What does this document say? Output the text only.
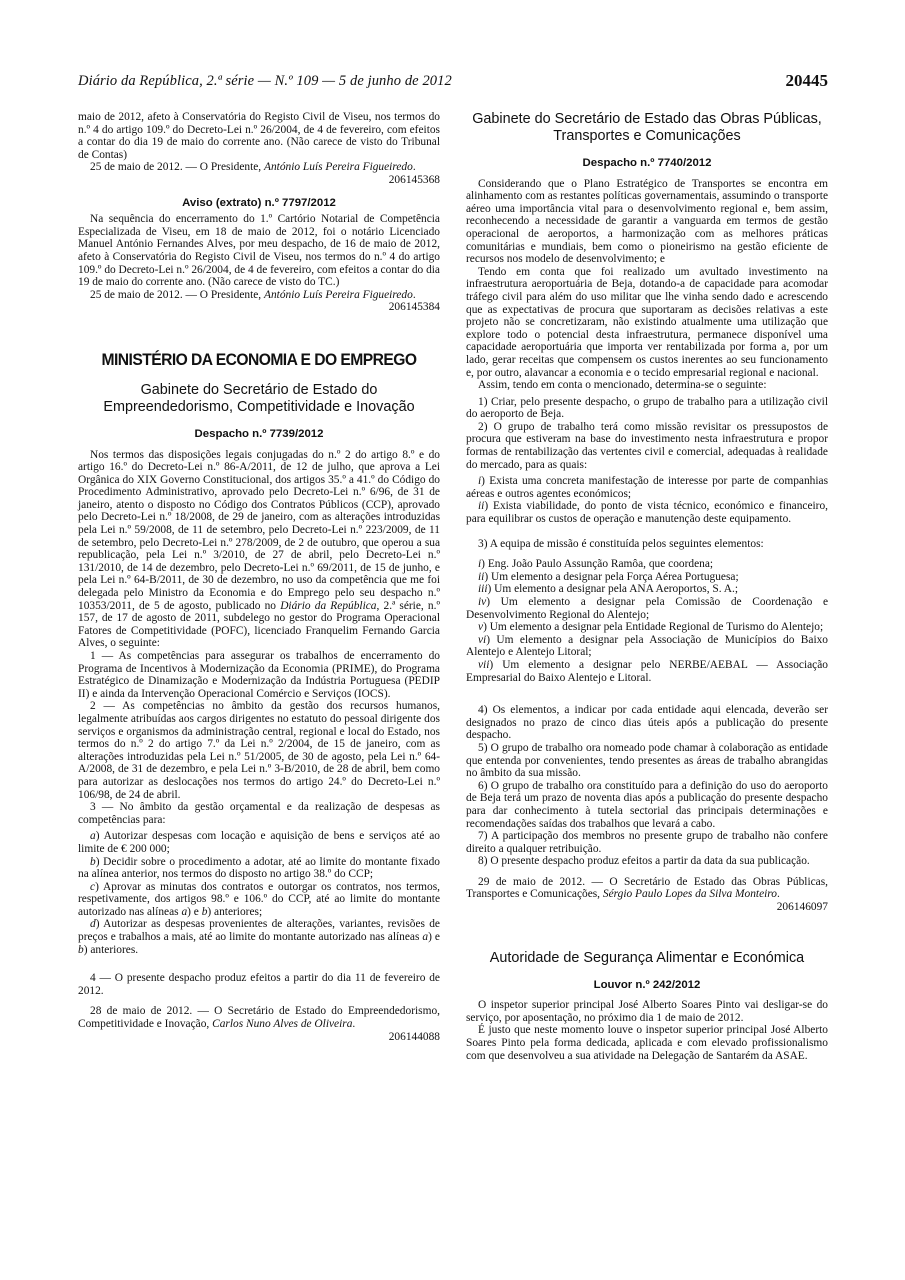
Diário da República, 2.ª série — N.º 109 — 5 de junho de 2012	20445

maio de 2012, afeto à Conservatória do Registo Civil de Viseu, nos termos do n.º 4 do artigo 109.º do Decreto-Lei n.º 26/2004, de 4 de fevereiro, com efeitos a contar do dia 19 de maio do corrente ano. (Não carece de visto do Tribunal de Contas)

25 de maio de 2012. — O Presidente, António Luís Pereira Figueiredo.

206145368

Aviso (extrato) n.º 7797/2012

Na sequência do encerramento do 1.º Cartório Notarial de Competência Especializada de Viseu, em 18 de maio de 2012, foi o notário Licenciado Manuel António Fernandes Alves, por meu despacho, de 16 de maio de 2012, afeto à Conservatória do Registo Civil de Viseu, nos termos do n.º 4 do artigo 109.º do Decreto-Lei n.º 26/2004, de 4 de fevereiro, com efeitos a contar do dia 19 de maio do corrente ano. (Não carece de visto do TC.)

25 de maio de 2012. — O Presidente, António Luís Pereira Figueiredo.

206145384

MINISTÉRIO DA ECONOMIA E DO EMPREGO

Gabinete do Secretário de Estado do Empreendedorismo, Competitividade e Inovação

Despacho n.º 7739/2012

Nos termos das disposições legais conjugadas do n.º 2 do artigo 8.º e do artigo 16.º do Decreto-Lei n.º 86-A/2011, de 12 de julho, que aprova a Lei Orgânica do XIX Governo Constitucional, dos artigos 35.º a 41.º do Código do Procedimento Administrativo, aprovado pelo Decreto-Lei n.º 6/96, de 31 de janeiro, atento o disposto no Código dos Contratos Públicos (CCP), aprovado pelo Decreto-Lei n.º 18/2008, de 29 de janeiro, com as alterações introduzidas pela Lei n.º 59/2008, de 11 de setembro, pelo Decreto-Lei n.º 223/2009, de 11 de setembro, pelo Decreto-Lei n.º 278/2009, de 2 de outubro, que operou a sua republicação, pela Lei n.º 3/2010, de 27 de abril, pelo Decreto-Lei n.º 131/2010, de 14 de dezembro, pelo Decreto-Lei n.º 69/2011, de 15 de junho, e pela Lei n.º 64-B/2011, de 30 de dezembro, no uso da competência que me foi delegada pelo Ministro da Economia e do Emprego pelo seu despacho n.º 10353/2011, de 5 de agosto, publicado no Diário da República, 2.ª série, n.º 157, de 17 de agosto de 2011, subdelego no gestor do Programa Operacional Fatores de Competitividade (POFC), licenciado Franquelim Fernando Garcia Alves, o seguinte:

1 — As competências para assegurar os trabalhos de encerramento do Programa de Incentivos à Modernização da Economia (PRIME), do Programa Estratégico de Dinamização e Modernização da Indústria Portuguesa (PEDIP II) e ainda da Intervenção Operacional Comércio e Serviços (IOCS).

2 — As competências no âmbito da gestão dos recursos humanos, legalmente atribuídas aos cargos dirigentes no estatuto do pessoal dirigente dos serviços e organismos da administração central, regional e local do Estado, nos termos do n.º 2 do artigo 7.º da Lei n.º 2/2004, de 15 de janeiro, com as alterações introduzidas pela Lei n.º 51/2005, de 30 de agosto, pela Lei n.º 64-A/2008, de 31 de dezembro, e pela Lei n.º 3-B/2010, de 28 de abril, bem como para autorizar as deslocações nos termos do artigo 24.º do Decreto-Lei n.º 106/98, de 24 de abril.

3 — No âmbito da gestão orçamental e da realização de despesas as competências para:

a) Autorizar despesas com locação e aquisição de bens e serviços até ao limite de € 200 000;

b) Decidir sobre o procedimento a adotar, até ao limite do montante fixado na alínea anterior, nos termos do disposto no artigo 38.º do CCP;

c) Aprovar as minutas dos contratos e outorgar os contratos, nos termos, respetivamente, dos artigos 98.º e 106.º do CCP, até ao limite do montante autorizado nas alíneas a) e b) anteriores;

d) Autorizar as despesas provenientes de alterações, variantes, revisões de preços e trabalhos a mais, até ao limite do montante autorizado nas alíneas a) e b) anteriores.

4 — O presente despacho produz efeitos a partir do dia 11 de fevereiro de 2012.

28 de maio de 2012. — O Secretário de Estado do Empreendedorismo, Competitividade e Inovação, Carlos Nuno Alves de Oliveira.

206144088

Gabinete do Secretário de Estado das Obras Públicas, Transportes e Comunicações

Despacho n.º 7740/2012

Considerando que o Plano Estratégico de Transportes se encontra em alinhamento com as restantes políticas governamentais, assumindo o transporte aéreo uma importância vital para o desenvolvimento regional e, bem assim, reconhecendo a necessidade de garantir a vanguarda em termos de gestão operacional de aeroportos, a harmonização com as melhores práticas comunitárias e mundiais, bem como o pioneirismo na gestão eficiente de recursos nos modelo de desenvolvimento; e

Tendo em conta que foi realizado um avultado investimento na infraestrutura aeroportuária de Beja, dotando-a de capacidade para acomodar tráfego civil para além do uso militar que lhe vinha sendo dado e acrescendo que as expectativas de procura que suportaram as decisões relativas a este projeto não se concretizaram, não existindo atualmente uma utilização que explore todo o potencial desta infraestrutura, permanece disponível uma capacidade aeroportuária que importa ver rentabilizada por forma a, por um lado, gerar receitas que compensem os custos inerentes ao seu funcionamento e, por outro, alavancar a economia e o tecido empresarial regional e nacional.

Assim, tendo em conta o mencionado, determina-se o seguinte:

1) Criar, pelo presente despacho, o grupo de trabalho para a utilização civil do aeroporto de Beja.

2) O grupo de trabalho terá como missão revisitar os pressupostos de procura que estiveram na base do investimento nesta infraestrutura e propor formas de rentabilização das vertentes civil e comercial, adequadas à realidade do mercado, para as quais:

i) Exista uma concreta manifestação de interesse por parte de companhias aéreas e outros agentes económicos;

ii) Exista viabilidade, do ponto de vista técnico, económico e financeiro, para equilibrar os custos de operação e manutenção deste equipamento.

3) A equipa de missão é constituída pelos seguintes elementos:

i) Eng. João Paulo Assunção Ramôa, que coordena;

ii) Um elemento a designar pela Força Aérea Portuguesa;

iii) Um elemento a designar pela ANA Aeroportos, S. A.;

iv) Um elemento a designar pela Comissão de Coordenação e Desenvolvimento Regional do Alentejo;

v) Um elemento a designar pela Entidade Regional de Turismo do Alentejo;

vi) Um elemento a designar pela Associação de Municípios do Baixo Alentejo e Alentejo Litoral;

vii) Um elemento a designar pelo NERBE/AEBAL — Associação Empresarial do Baixo Alentejo e Litoral.

4) Os elementos, a indicar por cada entidade aqui elencada, deverão ser designados no prazo de cinco dias úteis após a publicação do presente despacho.

5) O grupo de trabalho ora nomeado pode chamar à colaboração as entidade que entenda por convenientes, tendo presentes as áreas de trabalho abrangidas no âmbito da sua missão.

6) O grupo de trabalho ora constituído para a definição do uso do aeroporto de Beja terá um prazo de noventa dias após a publicação do presente despacho para dar conhecimento à tutela sectorial das principais determinações e recomendações saídas dos trabalhos que levará a cabo.

7) A participação dos membros no presente grupo de trabalho não confere direito a qualquer retribuição.

8) O presente despacho produz efeitos a partir da data da sua publicação.

29 de maio de 2012. — O Secretário de Estado das Obras Públicas, Transportes e Comunicações, Sérgio Paulo Lopes da Silva Monteiro.

206146097

Autoridade de Segurança Alimentar e Económica

Louvor n.º 242/2012

O inspetor superior principal José Alberto Soares Pinto vai desligar-se do serviço, por aposentação, no próximo dia 1 de maio de 2012.

É justo que neste momento louve o inspetor superior principal José Alberto Soares Pinto pela forma dedicada, aplicada e com elevado profissionalismo com que desenvolveu a sua atividade na Delegação de Santarém da ASAE.
